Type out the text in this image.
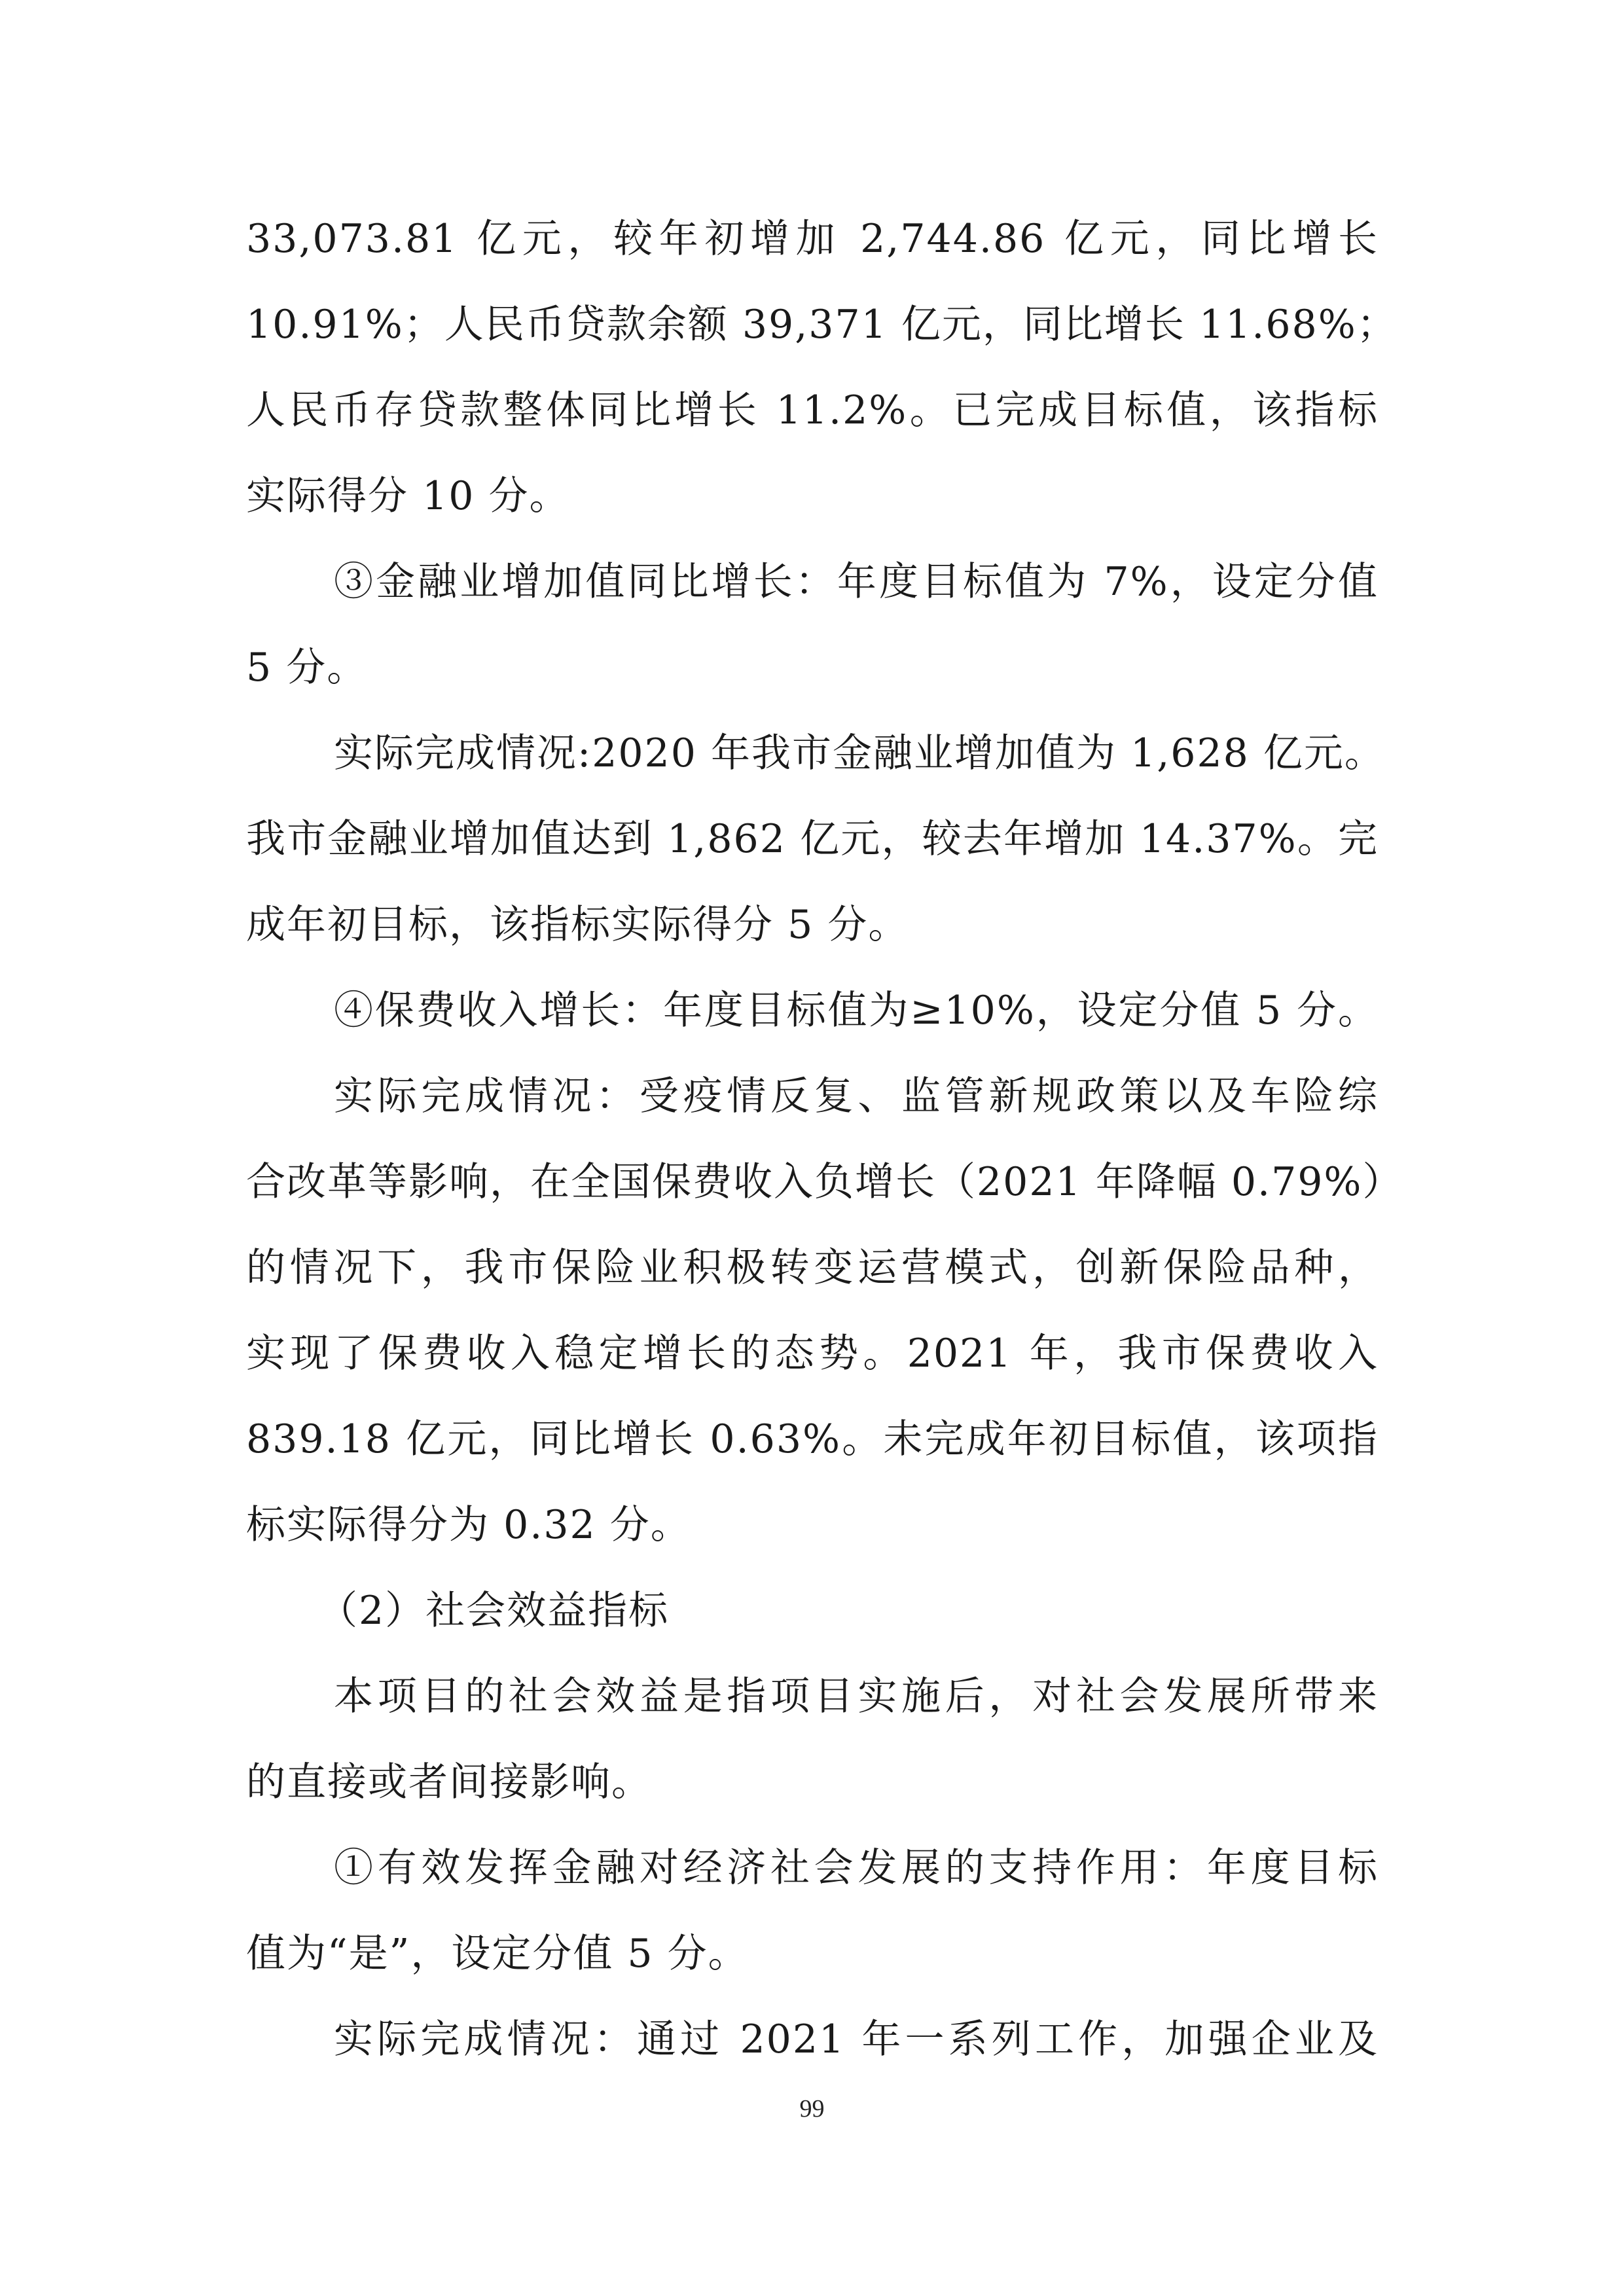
33,073.81 亿元，较年初增加 2,744.86 亿元，同比增长
10.91%；人民币贷款余额 39,371 亿元，同比增长 11.68%；
人民币存贷款整体同比增长 11.2%。已完成目标值，该指标
实际得分 10 分。
③金融业增加值同比增长：年度目标值为 7%，设定分值
5 分。
实际完成情况:2020 年我市金融业增加值为 1,628 亿元。
我市金融业增加值达到 1,862 亿元，较去年增加 14.37%。完
成年初目标，该指标实际得分 5 分。
④保费收入增长：年度目标值为≥10%，设定分值 5 分。
实际完成情况：受疫情反复、监管新规政策以及车险综
合改革等影响，在全国保费收入负增长（2021 年降幅 0.79%）
的情况下，我市保险业积极转变运营模式，创新保险品种，
实现了保费收入稳定增长的态势。2021 年，我市保费收入
839.18 亿元，同比增长 0.63%。未完成年初目标值，该项指
标实际得分为 0.32 分。
（2）社会效益指标
本项目的社会效益是指项目实施后，对社会发展所带来
的直接或者间接影响。
①有效发挥金融对经济社会发展的支持作用：年度目标
值为“是”，设定分值 5 分。
实际完成情况：通过 2021 年一系列工作，加强企业及
99
